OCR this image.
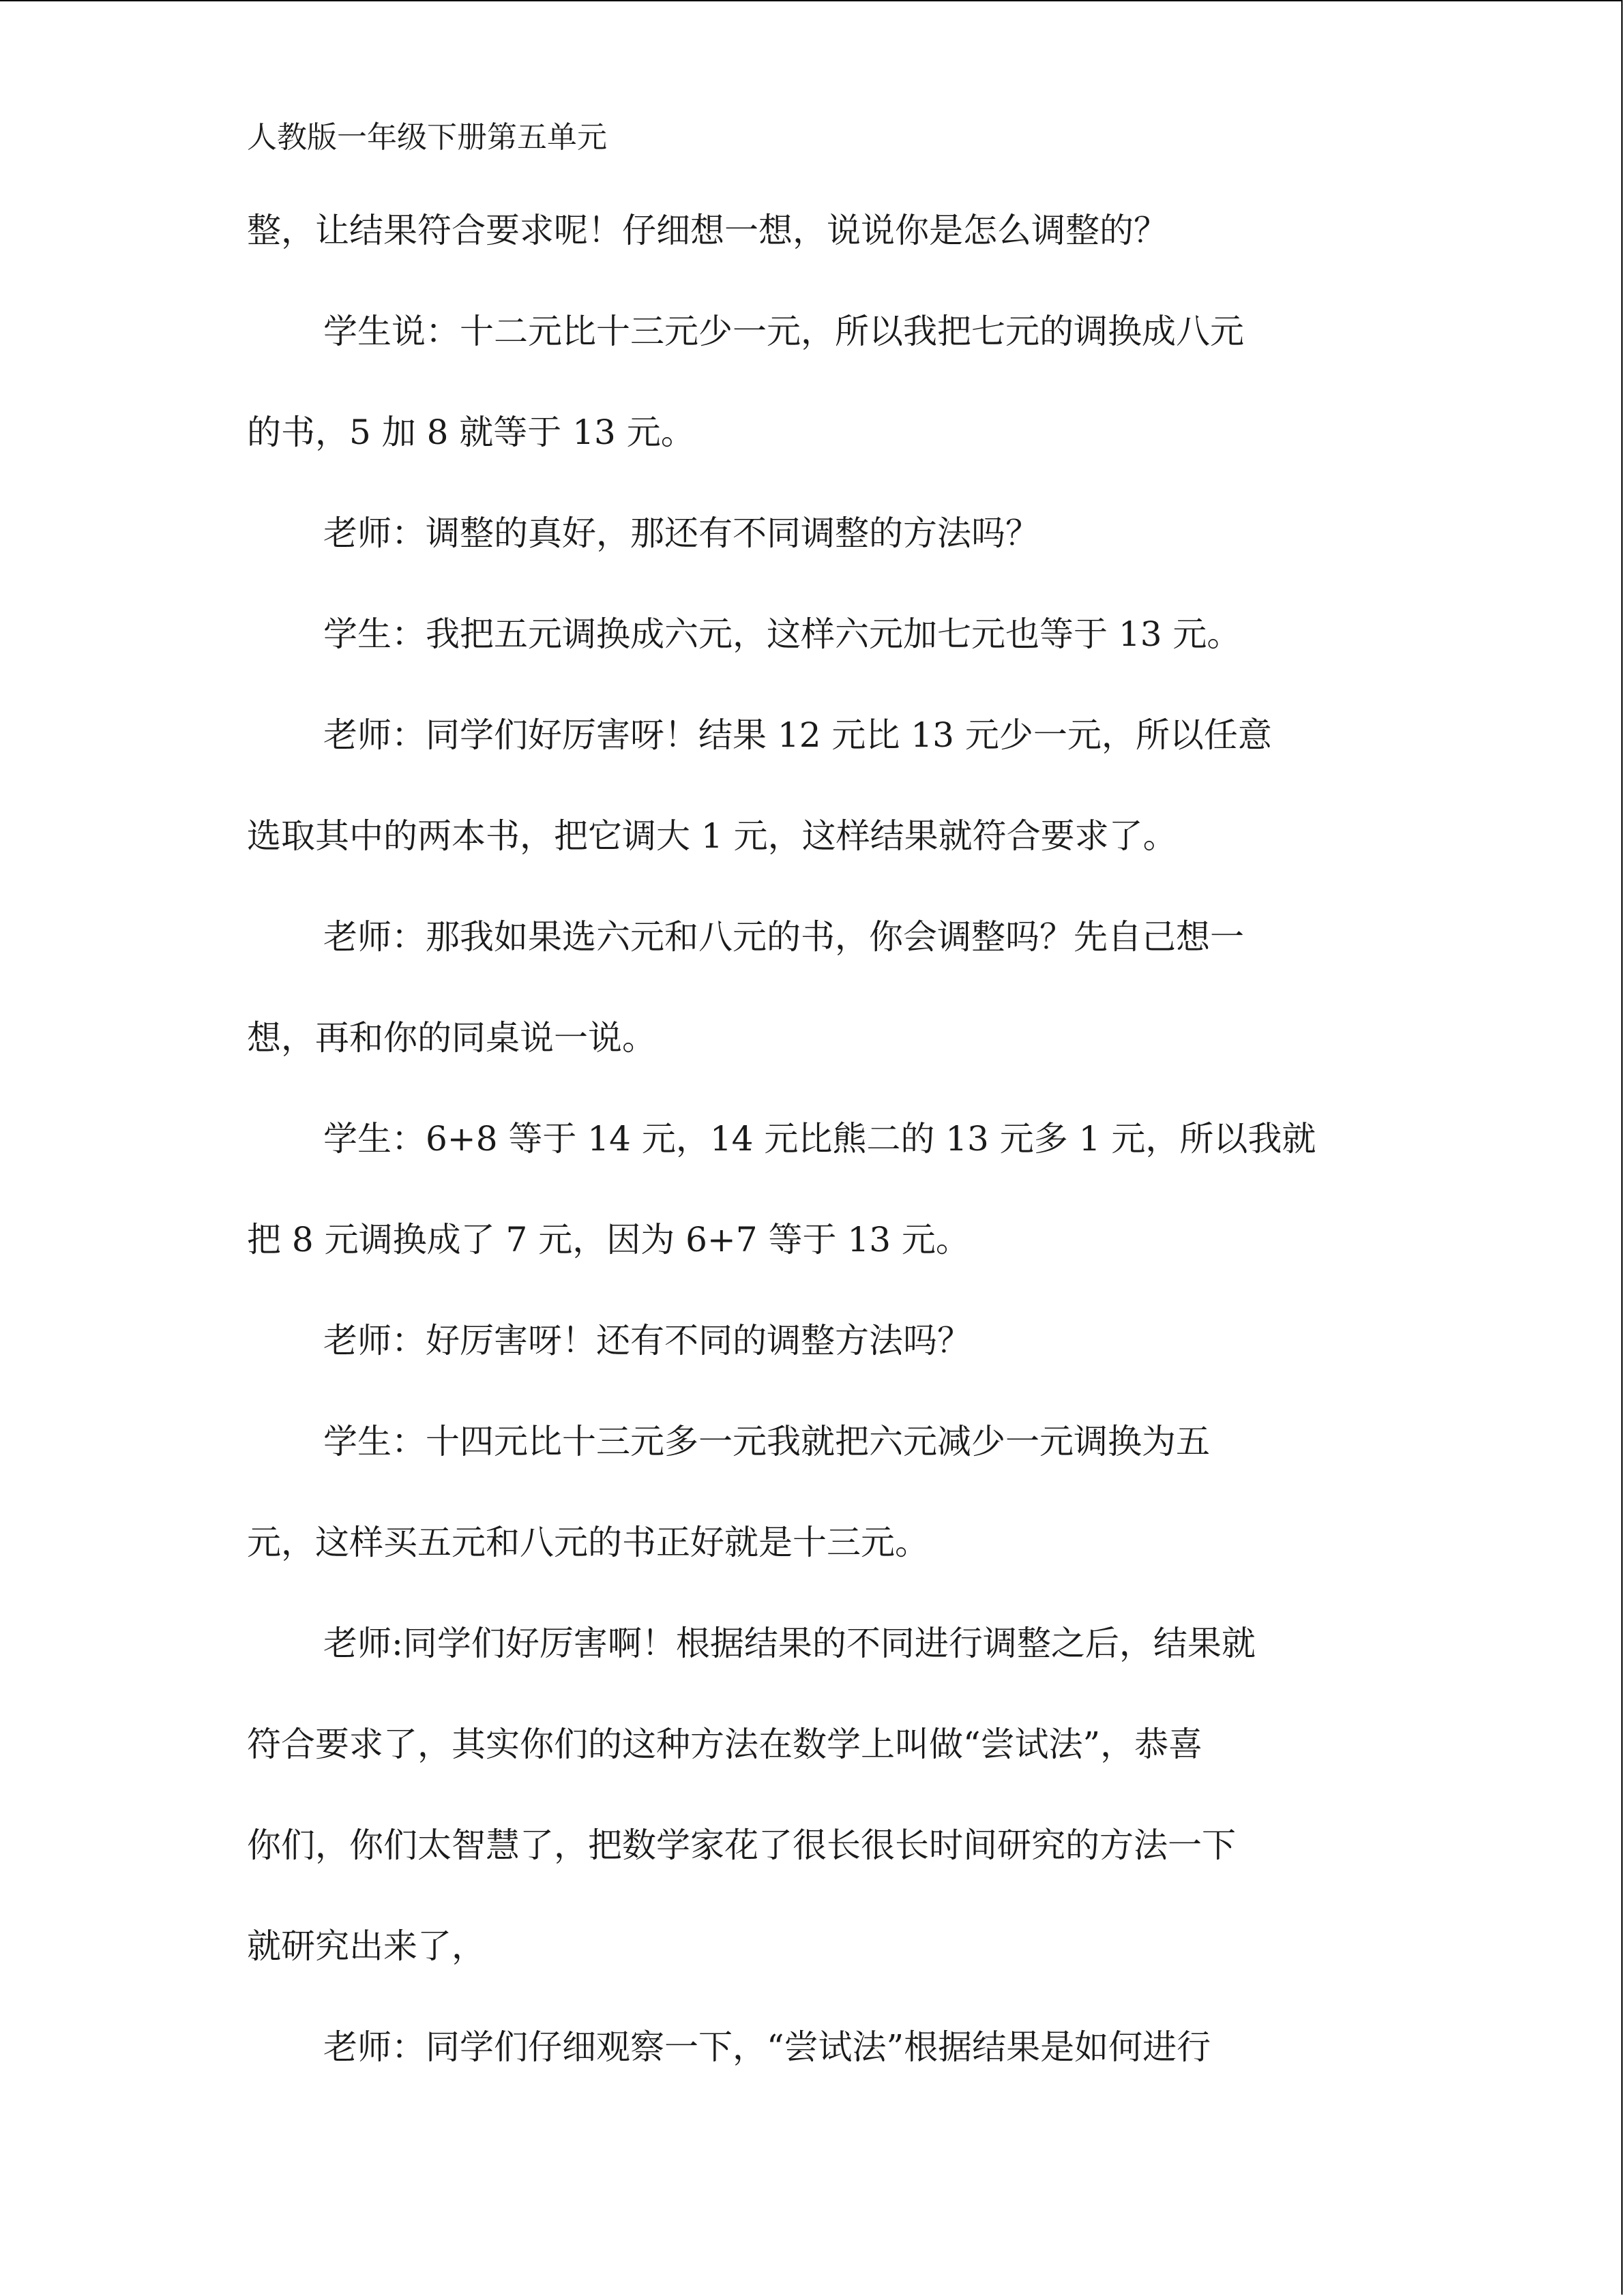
人教版一年级下册第五单元
整，让结果符合要求呢！仔细想一想，说说你是怎么调整的？
学生说：十二元比十三元少一元，所以我把七元的调换成八元
的书，5 加 8 就等于 13 元。
老师：调整的真好，那还有不同调整的方法吗？
学生：我把五元调换成六元，这样六元加七元也等于 13 元。
老师：同学们好厉害呀！结果 12 元比 13 元少一元，所以任意
选取其中的两本书，把它调大 1 元，这样结果就符合要求了。
老师：那我如果选六元和八元的书，你会调整吗？先自己想一
想，再和你的同桌说一说。
学生：6+8 等于 14 元，14 元比熊二的 13 元多 1 元，所以我就
把 8 元调换成了 7 元，因为 6+7 等于 13 元。
老师：好厉害呀！还有不同的调整方法吗？
学生：十四元比十三元多一元我就把六元减少一元调换为五
元，这样买五元和八元的书正好就是十三元。
老师:同学们好厉害啊！根据结果的不同进行调整之后，结果就
符合要求了，其实你们的这种方法在数学上叫做“尝试法”，恭喜
你们，你们太智慧了，把数学家花了很长很长时间研究的方法一下
就研究出来了，
老师：同学们仔细观察一下，“尝试法”根据结果是如何进行
